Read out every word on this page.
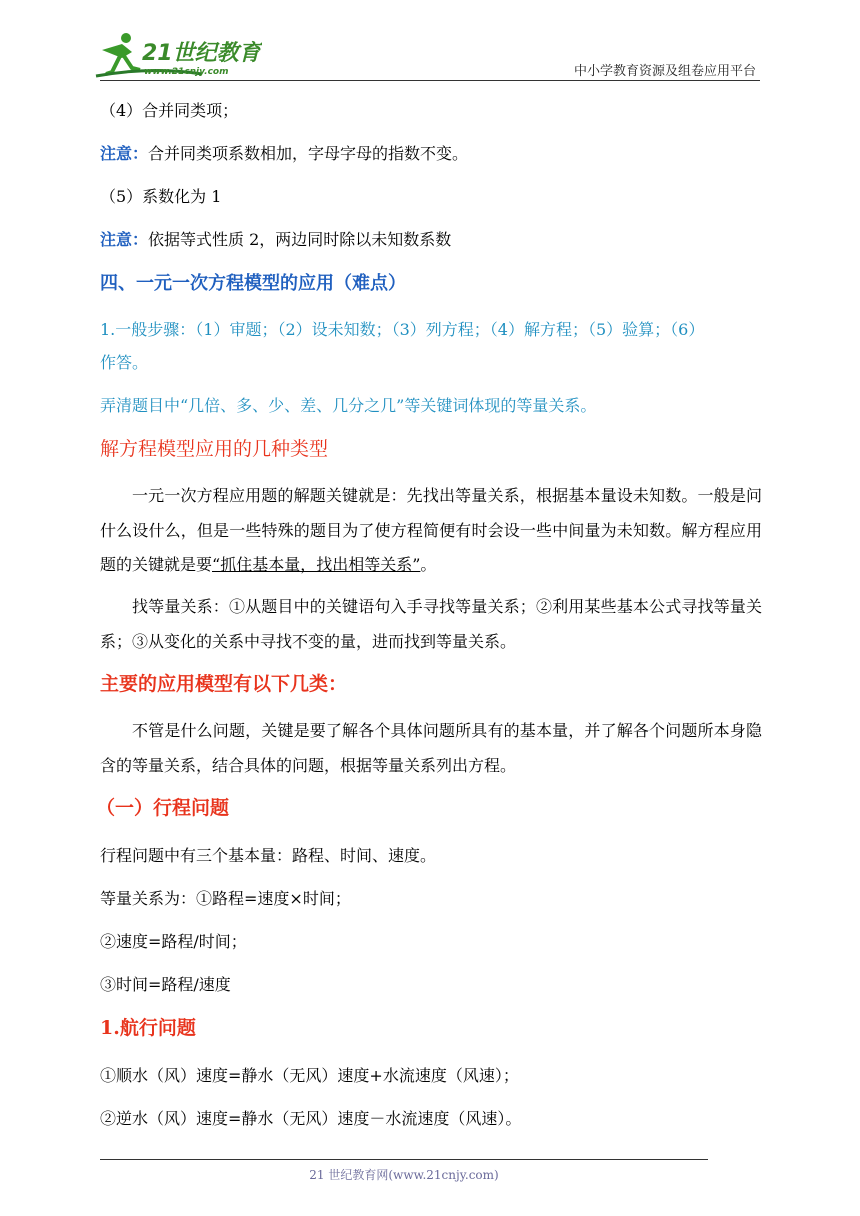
21世纪教育
www.21cnjy.com	中小学教育资源及组卷应用平台
（4）合并同类项；
注意：合并同类项系数相加，字母字母的指数不变。
（5）系数化为 1
注意：依据等式性质 2，两边同时除以未知数系数
四、一元一次方程模型的应用（难点）
1.一般步骤：（1）审题；（2）设未知数；（3）列方程；（4）解方程；（5）验算；（6）
作答。
弄清题目中“几倍、多、少、差、几分之几”等关键词体现的等量关系。
解方程模型应用的几种类型
一元一次方程应用题的解题关键就是：先找出等量关系，根据基本量设未知数。一般是问什么设什么，但是一些特殊的题目为了使方程简便有时会设一些中间量为未知数。解方程应用题的关键就是要“抓住基本量，找出相等关系”。
找等量关系：①从题目中的关键语句入手寻找等量关系；②利用某些基本公式寻找等量关系；③从变化的关系中寻找不变的量，进而找到等量关系。
主要的应用模型有以下几类：
不管是什么问题，关键是要了解各个具体问题所具有的基本量，并了解各个问题所本身隐含的等量关系，结合具体的问题，根据等量关系列出方程。
（一）行程问题
行程问题中有三个基本量：路程、时间、速度。
等量关系为：①路程=速度×时间；
②速度=路程/时间；
③时间=路程/速度
1.航行问题
①顺水（风）速度=静水（无风）速度+水流速度（风速）；
②逆水（风）速度=静水（无风）速度－水流速度（风速）。
21 世纪教育网(www.21cnjy.com)
